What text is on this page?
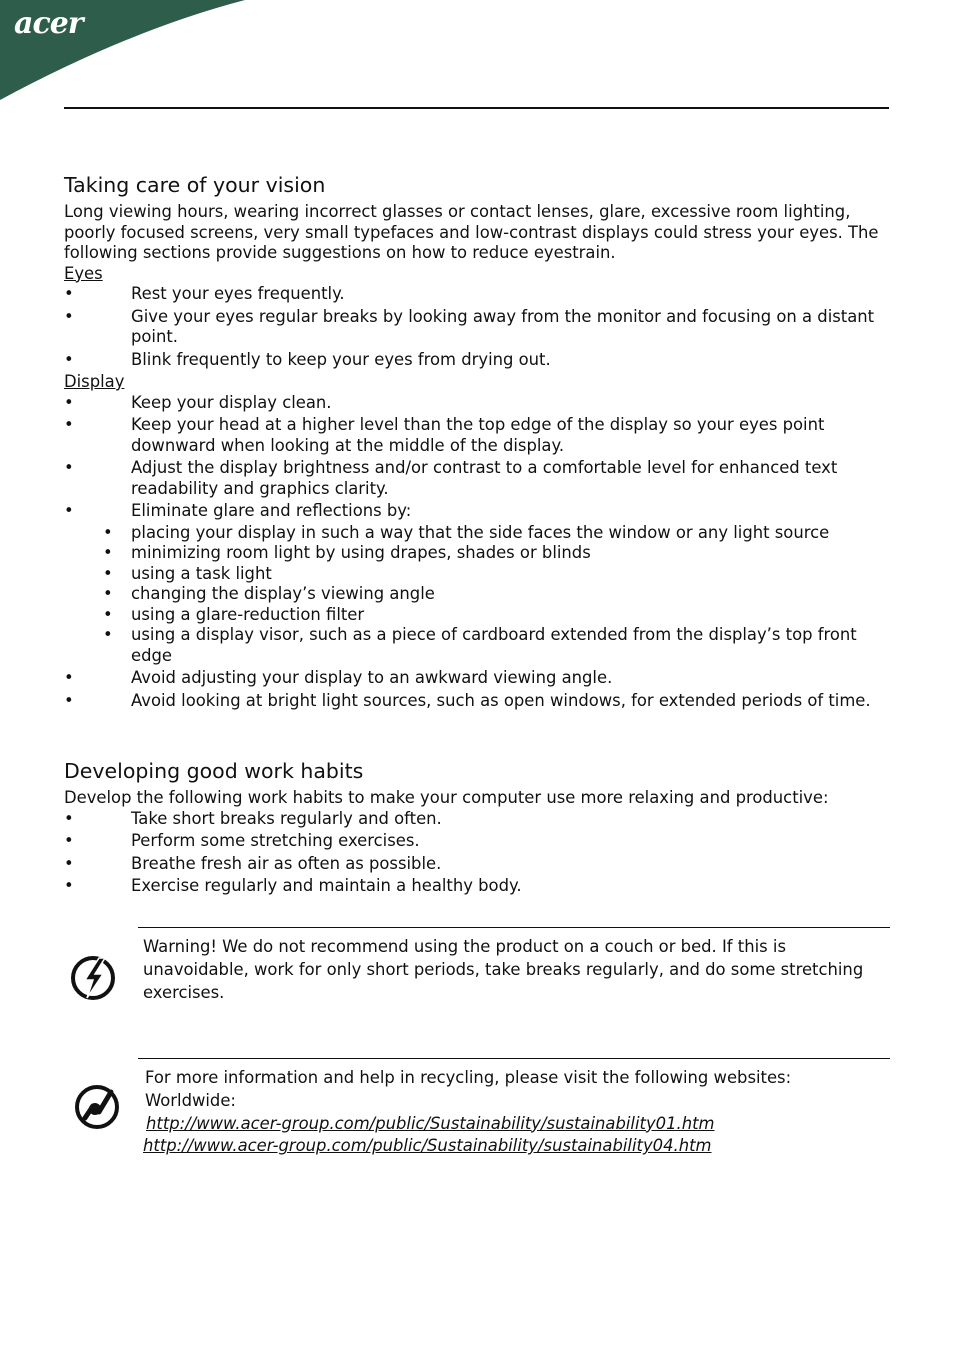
acer
Taking care of your vision

Long viewing hours, wearing incorrect glasses or contact lenses, glare, excessive room lighting, poorly focused screens, very small typefaces and low-contrast displays could stress your eyes. The following sections provide suggestions on how to reduce eyestrain.

Eyes
• Rest your eyes frequently.
• Give your eyes regular breaks by looking away from the monitor and focusing on a distant point.
• Blink frequently to keep your eyes from drying out.
Display
• Keep your display clean.
• Keep your head at a higher level than the top edge of the display so your eyes point downward when looking at the middle of the display.
• Adjust the display brightness and/or contrast to a comfortable level for enhanced text readability and graphics clarity.
• Eliminate glare and reflections by:
• placing your display in such a way that the side faces the window or any light source
• minimizing room light by using drapes, shades or blinds
• using a task light
• changing the display’s viewing angle
• using a glare-reduction filter
• using a display visor, such as a piece of cardboard extended from the display’s top front edge
• Avoid adjusting your display to an awkward viewing angle.
• Avoid looking at bright light sources, such as open windows, for extended periods of time.
Developing good work habits

Develop the following work habits to make your computer use more relaxing and productive:

• Take short breaks regularly and often.
• Perform some stretching exercises.
• Breathe fresh air as often as possible.
• Exercise regularly and maintain a healthy body.
Warning! We do not recommend using the product on a couch or bed. If this is unavoidable, work for only short periods, take breaks regularly, and do some stretching exercises.
For more information and help in recycling, please visit the following websites:
Worldwide:
http://www.acer-group.com/public/Sustainability/sustainability01.htm
http://www.acer-group.com/public/Sustainability/sustainability04.htm
